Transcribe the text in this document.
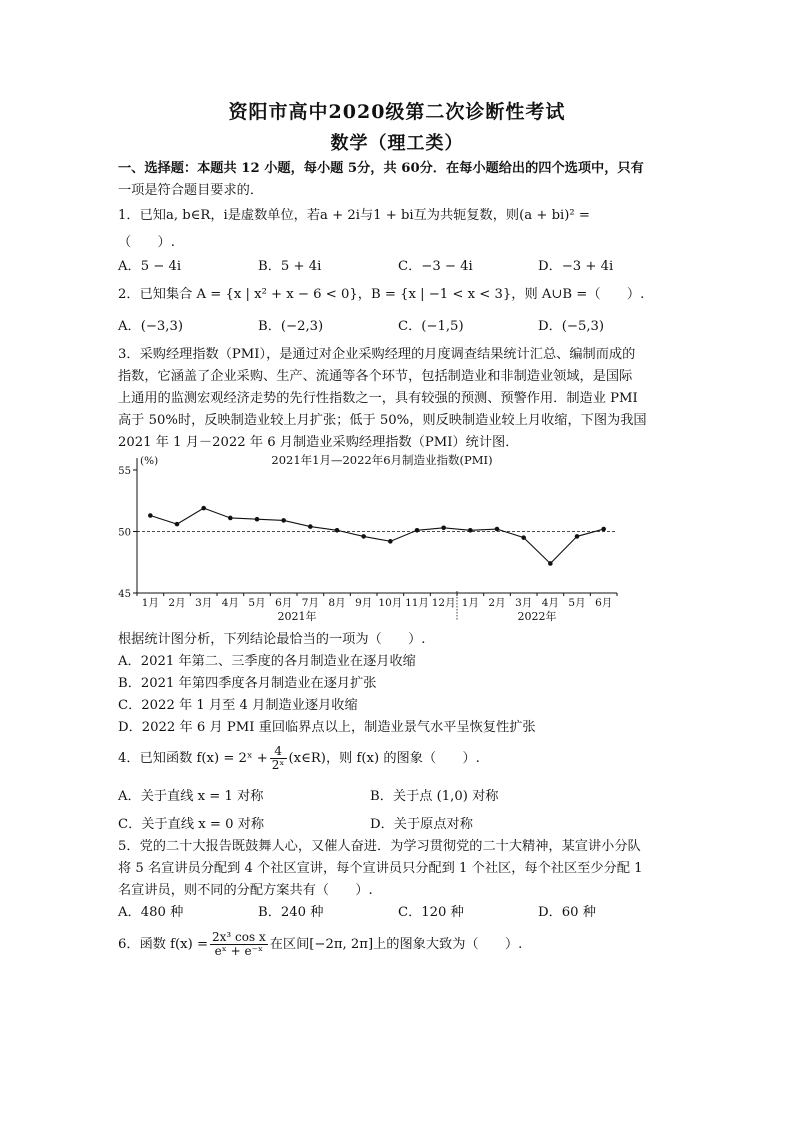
资阳市高中2020级第二次诊断性考试
数学（理工类）
一、选择题：本题共 12 小题，每小题 5分，共 60分．在每小题给出的四个选项中，只有
一项是符合题目要求的．
1．已知a, b∈R，i是虚数单位，若a + 2i与1 + bi互为共轭复数，则(a + bi)² =
（　　）.
A．5 − 4i	B．5 + 4i	C．−3 − 4i	D．−3 + 4i
2．已知集合 A = {x | x² + x − 6 < 0}，B = {x | −1 < x < 3}，则 A∪B =（　　）.
A．(−3,3)	B．(−2,3)	C．(−1,5)	D．(−5,3)
3．采购经理指数（PMI），是通过对企业采购经理的月度调查结果统计汇总、编制而成的
指数，它涵盖了企业采购、生产、流通等各个环节，包括制造业和非制造业领域，是国际
上通用的监测宏观经济走势的先行性指数之一，具有较强的预测、预警作用．制造业 PMI
高于 50%时，反映制造业较上月扩张；低于 50%，则反映制造业较上月收缩，下图为我国
2021 年 1 月－2022 年 6 月制造业采购经理指数（PMI）统计图．
45
50
55
(%)	2021年1月—2022年6月制造业指数(PMI)
1月 2月 3月 4月 5月 6月 7月 8月 9月 10月 11月 12月 1月 2月 3月 4月 5月 6月
2021年	2022年
根据统计图分析，下列结论最恰当的一项为（　　）.
A．2021 年第二、三季度的各月制造业在逐月收缩
B．2021 年第四季度各月制造业在逐月扩张
C．2022 年 1 月至 4 月制造业逐月收缩
D．2022 年 6 月 PMI 重回临界点以上，制造业景气水平呈恢复性扩张
4．已知函数 f(x) = 2ˣ + $\frac{4}{\text{2ˣ}}$ (x∈R)，则 f(x) 的图象（　　）.
A．关于直线 x = 1 对称	B．关于点 (1,0) 对称
C．关于直线 x = 0 对称	D．关于原点对称
5．党的二十大报告既鼓舞人心，又催人奋进．为学习贯彻党的二十大精神，某宣讲小分队
将 5 名宣讲员分配到 4 个社区宣讲，每个宣讲员只分配到 1 个社区，每个社区至少分配 1
名宣讲员，则不同的分配方案共有（　　）.
A．480 种	B．240 种	C．120 种	D．60 种
6．函数 $f(x) = \frac{\text{2x³ cos x}}{\text{eˣ + e⁻ˣ}}$ 在区间[−2π, 2π]上的图象大致为（　　）.
